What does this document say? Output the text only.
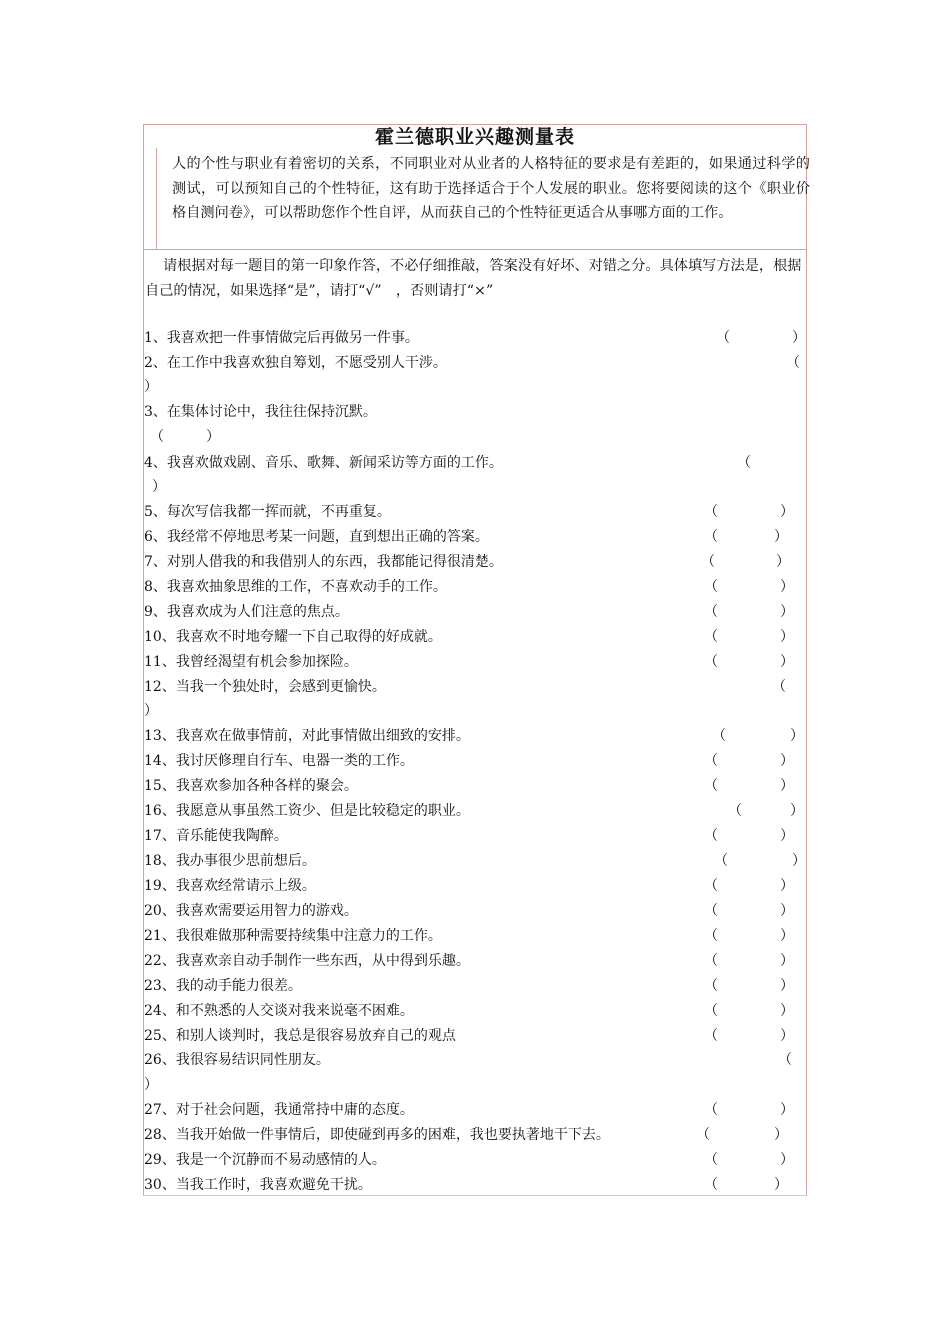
霍兰德职业兴趣测量表
人的个性与职业有着密切的关系，不同职业对从业者的人格特征的要求是有差距的，如果通过科学的测试，可以预知自己的个性特征，这有助于选择适合于个人发展的职业。您将要阅读的这个《职业价格自测问卷》，可以帮助您作个性自评，从而获自己的个性特征更适合从事哪方面的工作。
请根据对每一题目的第一印象作答，不必仔细推敲，答案没有好坏、对错之分。具体填写方法是，根据自己的情况，如果选择“是”，请打“√”　，否则请打“×”
1、我喜欢把一件事情做完后再做另一件事。	（	）
2、在工作中我喜欢独自筹划，不愿受别人干涉。	（
）
3、在集体讨论中，我往往保持沉默。
（　　　）
4、我喜欢做戏剧、音乐、歌舞、新闻采访等方面的工作。	（
）
5、每次写信我都一挥而就，不再重复。	（	）
6、我经常不停地思考某一问题，直到想出正确的答案。	（	）
7、对别人借我的和我借别人的东西，我都能记得很清楚。	（	）
8、我喜欢抽象思维的工作，不喜欢动手的工作。	（	）
9、我喜欢成为人们注意的焦点。	（	）
10、我喜欢不时地夸耀一下自己取得的好成就。	（	）
11、我曾经渴望有机会参加探险。	（	）
12、当我一个独处时，会感到更愉快。	（
）
13、我喜欢在做事情前，对此事情做出细致的安排。	（	）
14、我讨厌修理自行车、电器一类的工作。	（	）
15、我喜欢参加各种各样的聚会。	（	）
16、我愿意从事虽然工资少、但是比较稳定的职业。	（	）
17、音乐能使我陶醉。	（	）
18、我办事很少思前想后。	（	）
19、我喜欢经常请示上级。	（	）
20、我喜欢需要运用智力的游戏。	（	）
21、我很难做那种需要持续集中注意力的工作。	（	）
22、我喜欢亲自动手制作一些东西，从中得到乐趣。	（	）
23、我的动手能力很差。	（	）
24、和不熟悉的人交谈对我来说毫不困难。	（	）
25、和别人谈判时，我总是很容易放弃自己的观点	（	）
26、我很容易结识同性朋友。	（
）
27、对于社会问题，我通常持中庸的态度。	（	）
28、当我开始做一件事情后，即使碰到再多的困难，我也要执著地干下去。	（	）
29、我是一个沉静而不易动感情的人。	（	）
30、当我工作时，我喜欢避免干扰。	（	）
